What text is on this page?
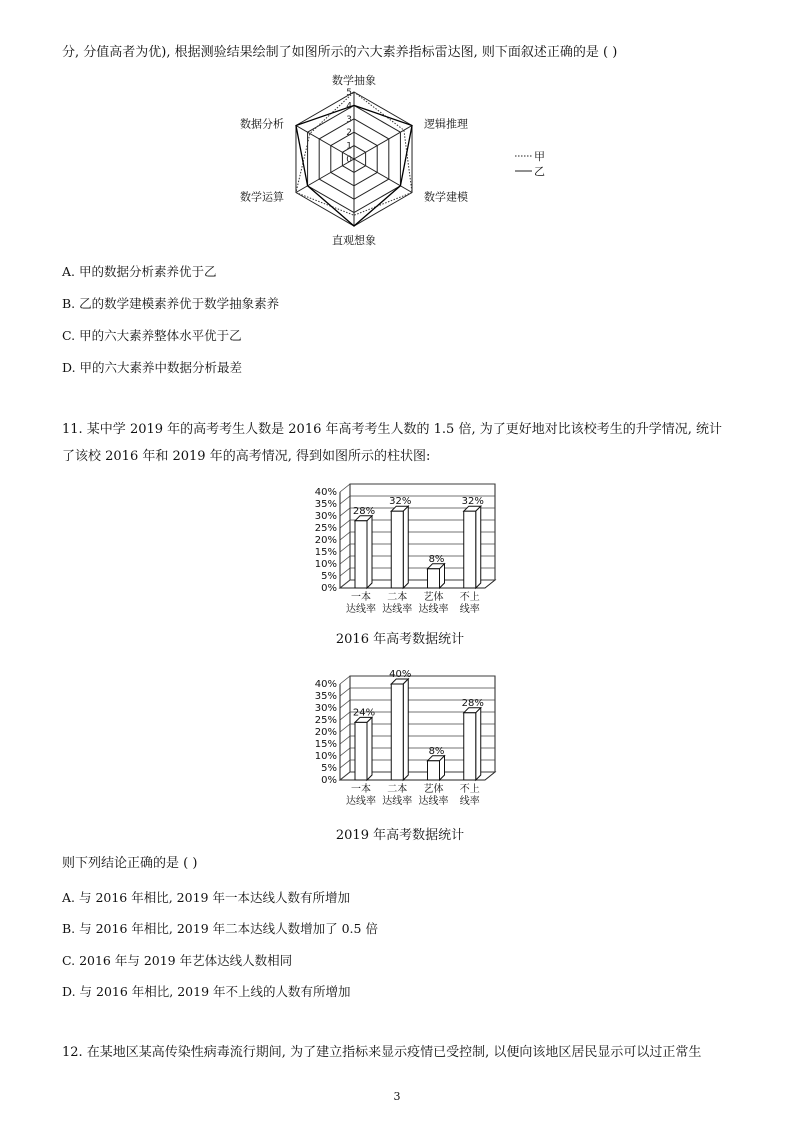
分, 分值高者为优), 根据测验结果绘制了如图所示的六大素养指标雷达图, 则下面叙述正确的是 ( )
0
1
2
3
4
5
数学抽象
逻辑推理
数学建模
直观想象
数学运算
数据分析
甲
乙
A. 甲的数据分析素养优于乙
B. 乙的数学建模素养优于数学抽象素养
C. 甲的六大素养整体水平优于乙
D. 甲的六大素养中数据分析最差
11. 某中学 2019 年的高考考生人数是 2016 年高考考生人数的 1.5 倍, 为了更好地对比该校考生的升学情况, 统计
了该校 2016 年和 2019 年的高考情况, 得到如图所示的柱状图:
0%
5%
10%
15%
20%
25%
30%
35%
40%
28%
一本
达线率
32%
二本
达线率
8%
艺体
达线率
32%
不上
线率
2016 年高考数据统计
0%
5%
10%
15%
20%
25%
30%
35%
40%
24%
一本
达线率
40%
二本
达线率
8%
艺体
达线率
28%
不上
线率
2019 年高考数据统计
则下列结论正确的是 ( )
A. 与 2016 年相比, 2019 年一本达线人数有所增加
B. 与 2016 年相比, 2019 年二本达线人数增加了 0.5 倍
C. 2016 年与 2019 年艺体达线人数相同
D. 与 2016 年相比, 2019 年不上线的人数有所增加
12. 在某地区某高传染性病毒流行期间, 为了建立指标来显示疫情已受控制, 以便向该地区居民显示可以过正常生
3
